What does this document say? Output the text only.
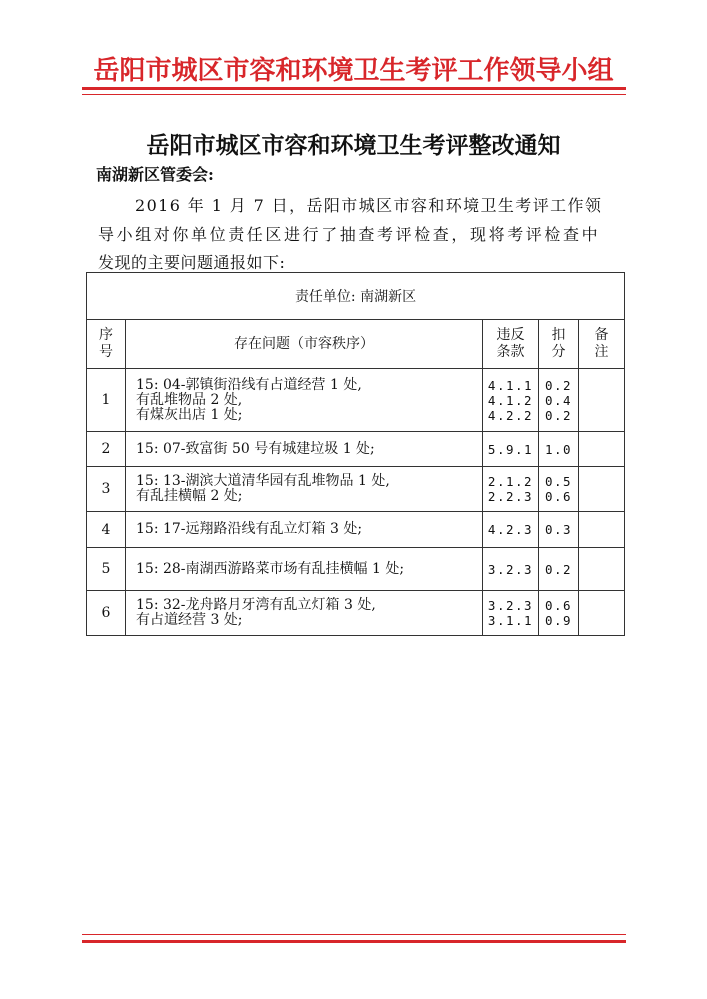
岳阳市城区市容和环境卫生考评工作领导小组
岳阳市城区市容和环境卫生考评整改通知
南湖新区管委会:
2016 年 1 月 7 日，岳阳市城区市容和环境卫生考评工作领
导小组对你单位责任区进行了抽查考评检查，现将考评检查中
发现的主要问题通报如下:
责任单位: 南湖新区				

序号	存在问题（市容秩序）	违反条款	扣分	备注

1	15: 04-郭镇街沿线有占道经营 1 处,
有乱堆物品 2 处,
有煤灰出店 1 处;	4.1.1
4.1.2
4.2.2	0.2
0.4
0.2	

2	15: 07-致富街 50 号有城建垃圾 1 处;	5.9.1	1.0	

3	15: 13-湖滨大道清华园有乱堆物品 1 处,
有乱挂横幅 2 处;	2.1.2
2.2.3	0.5
0.6	

4	15: 17-远翔路沿线有乱立灯箱 3 处;	4.2.3	0.3	

5	15: 28-南湖西游路菜市场有乱挂横幅 1 处;	3.2.3	0.2	

6	15: 32-龙舟路月牙湾有乱立灯箱 3 处,
有占道经营 3 处;	3.2.3
3.1.1	0.6
0.9	
